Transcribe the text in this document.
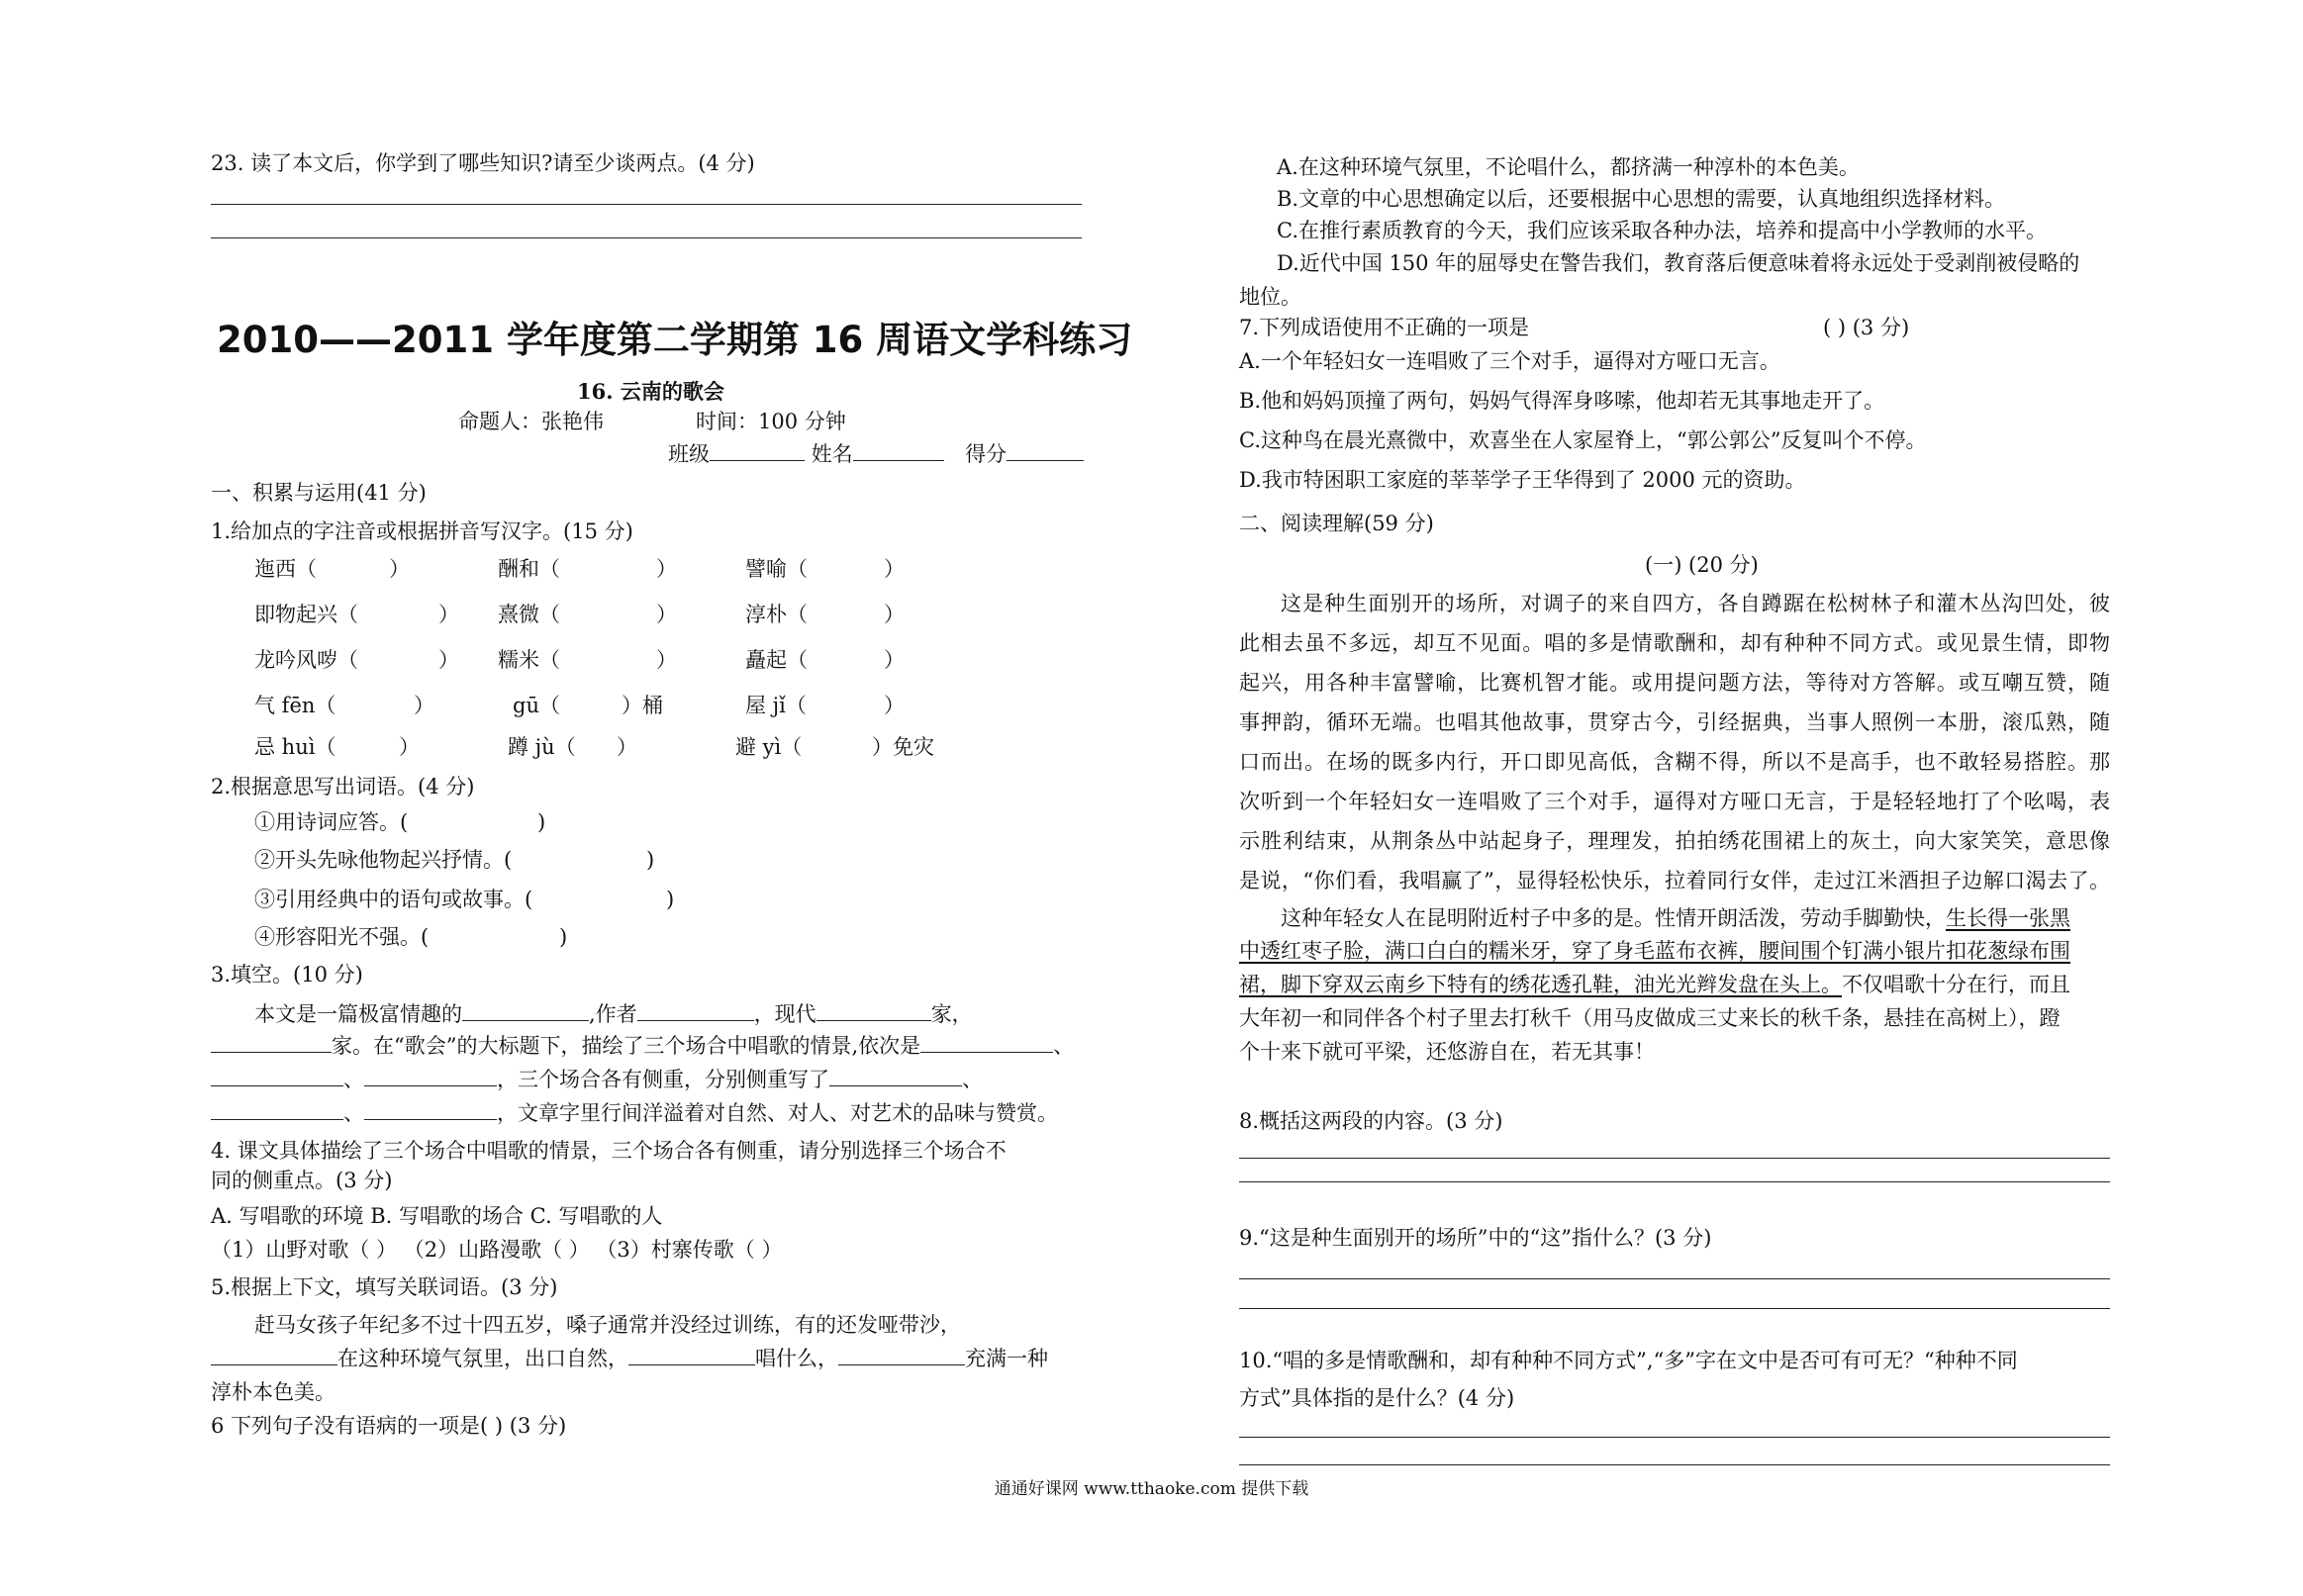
23. 读了本文后，你学到了哪些知识?请至少谈两点。(4 分)
2010——2011 学年度第二学期第 16 周语文学科练习
16. 云南的歌会
命题人：张艳伟	时间：100 分钟
班级	姓名	得分
一、积累与运用(41 分)
1.给加点的字注音或根据拼音写汉字。(15 分)
迤西（	）	酬和（	）	譬喻（	）
即物起兴（	） 熹微（	）	淳朴（	）
龙吟风哕（	） 糯米（	）	矗起（	）
气 fēn（	）	gū（	）桶	屋 jǐ（	）
忌 huì（	）	蹲 jù（ ）	避 yì（	）免灾
2.根据意思写出词语。(4 分)
①用诗词应答。(	)
②开头先咏他物起兴抒情。(	)
③引用经典中的语句或故事。(	)
④形容阳光不强。(	)
3.填空。(10 分)
本文是一篇极富情趣的	,作者	，现代	家，
家。在“歌会”的大标题下，描绘了三个场合中唱歌的情景,依次是	、
、	，三个场合各有侧重，分别侧重写了	、
、	，文章字里行间洋溢着对自然、对人、对艺术的品味与赞赏。
4. 课文具体描绘了三个场合中唱歌的情景，三个场合各有侧重，请分别选择三个场合不
同的侧重点。(3 分)
A. 写唱歌的环境 B. 写唱歌的场合 C. 写唱歌的人
（1）山野对歌（ ） （2）山路漫歌（ ） （3）村寨传歌（ ）
5.根据上下文，填写关联词语。(3 分)
赶马女孩子年纪多不过十四五岁，嗓子通常并没经过训练，有的还发哑带沙，
在这种环境气氛里，出口自然，	唱什么，	充满一种
淳朴本色美。
6 下列句子没有语病的一项是( ) (3 分)
A.在这种环境气氛里，不论唱什么，都挤满一种淳朴的本色美。
B.文章的中心思想确定以后，还要根据中心思想的需要，认真地组织选择材料。
C.在推行素质教育的今天，我们应该采取各种办法，培养和提高中小学教师的水平。
D.近代中国 150 年的屈辱史在警告我们，教育落后便意味着将永远处于受剥削被侵略的
地位。
7.下列成语使用不正确的一项是	( ) (3 分)
A.一个年轻妇女一连唱败了三个对手，逼得对方哑口无言。
B.他和妈妈顶撞了两句，妈妈气得浑身哆嗦，他却若无其事地走开了。
C.这种鸟在晨光熹微中，欢喜坐在人家屋脊上，“郭公郭公”反复叫个不停。
D.我市特困职工家庭的莘莘学子王华得到了 2000 元的资助。
二、阅读理解(59 分)
(一) (20 分)
这是种生面别开的场所，对调子的来自四方，各自蹲踞在松树林子和灌木丛沟凹处，彼
此相去虽不多远，却互不见面。唱的多是情歌酬和，却有种种不同方式。或见景生情，即物
起兴，用各种丰富譬喻，比赛机智才能。或用提问题方法，等待对方答解。或互嘲互赞，随
事押韵，循环无端。也唱其他故事，贯穿古今，引经据典，当事人照例一本册，滚瓜熟，随
口而出。在场的既多内行，开口即见高低，含糊不得，所以不是高手，也不敢轻易搭腔。那
次听到一个年轻妇女一连唱败了三个对手，逼得对方哑口无言，于是轻轻地打了个吆喝，表
示胜利结束，从荆条丛中站起身子，理理发，拍拍绣花围裙上的灰土，向大家笑笑，意思像
是说，“你们看，我唱赢了”，显得轻松快乐，拉着同行女伴，走过江米酒担子边解口渴去了。
这种年轻女人在昆明附近村子中多的是。性情开朗活泼，劳动手脚勤快，生长得一张黑
中透红枣子脸，满口白白的糯米牙，穿了身毛蓝布衣裤，腰间围个钉满小银片扣花葱绿布围
裙，脚下穿双云南乡下特有的绣花透孔鞋，油光光辫发盘在头上。不仅唱歌十分在行，而且
大年初一和同伴各个村子里去打秋千（用马皮做成三丈来长的秋千条，悬挂在高树上），蹬
个十来下就可平梁，还悠游自在，若无其事！
8.概括这两段的内容。(3 分)
9.“这是种生面别开的场所”中的“这”指什么？(3 分)
10.“唱的多是情歌酬和，却有种种不同方式”,“多”字在文中是否可有可无？“种种不同
方式”具体指的是什么？(4 分)
通通好课网 www.tthaoke.com 提供下载
